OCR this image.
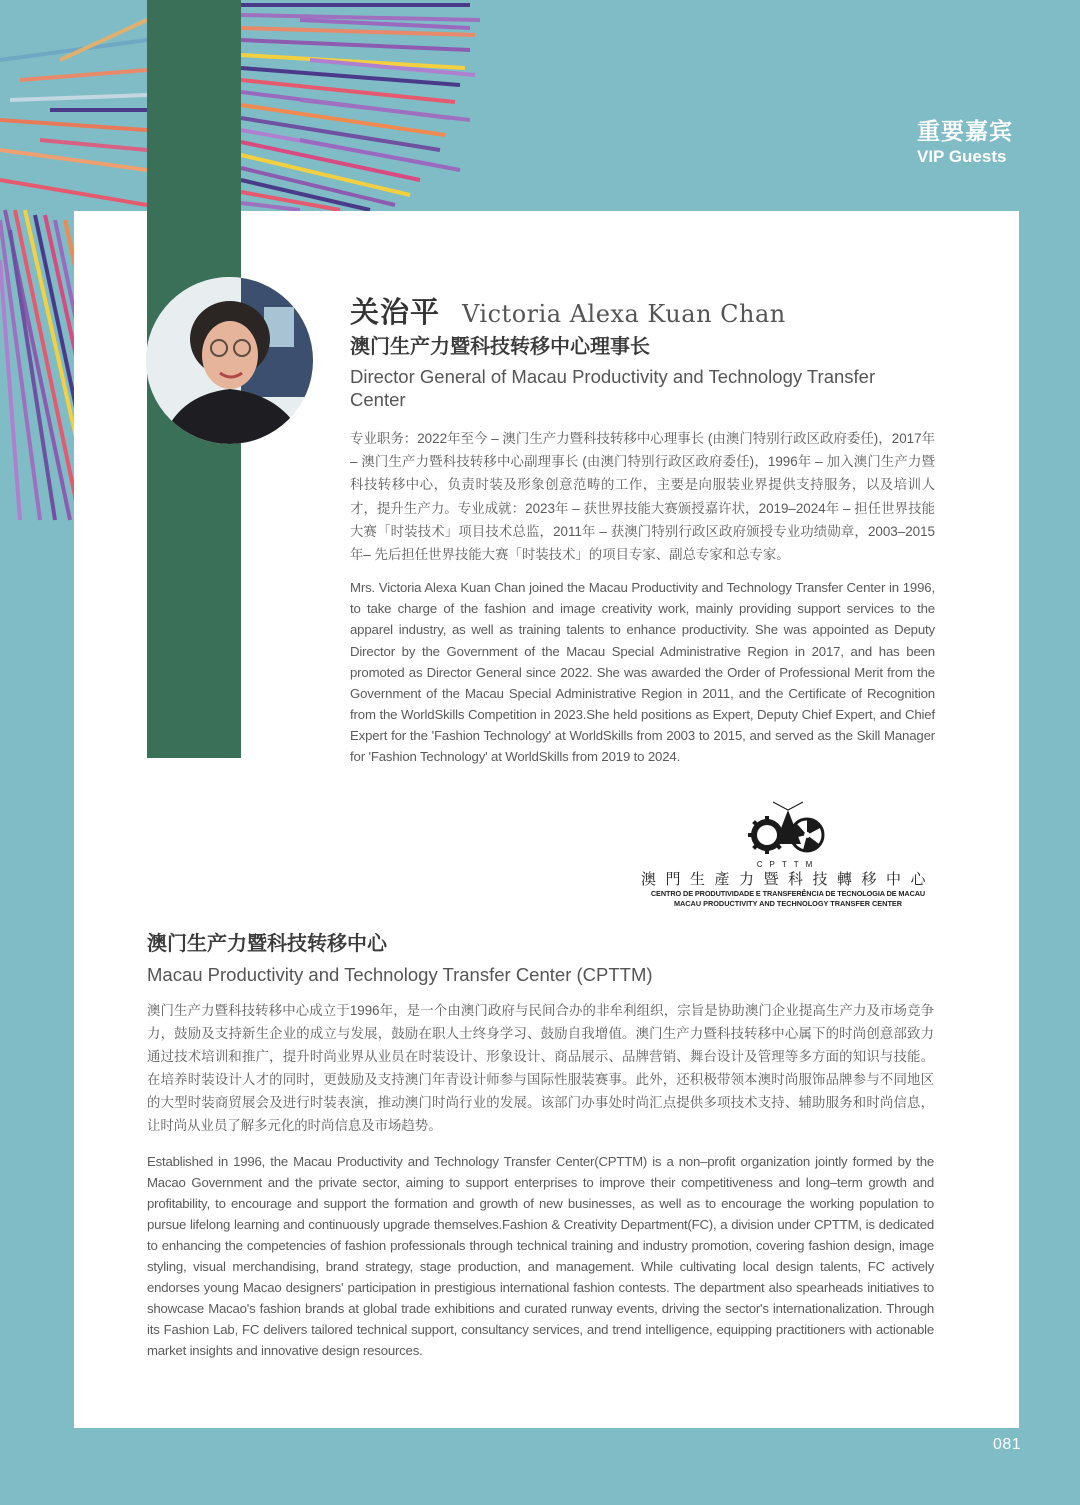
重要嘉宾
VIP Guests
关治平 Victoria Alexa Kuan Chan
澳门生产力暨科技转移中心理事长
Director General of Macau Productivity and Technology Transfer Center
专业职务：2022年至今 – 澳门生产力暨科技转移中心理事长 (由澳门特别行政区政府委任)，2017年 – 澳门生产力暨科技转移中心副理事长 (由澳门特别行政区政府委任)，1996年 – 加入澳门生产力暨科技转移中心，负责时装及形象创意范畴的工作，主要是向服装业界提供支持服务，以及培训人才，提升生产力。专业成就：2023年 – 获世界技能大赛颁授嘉许状，2019–2024年 – 担任世界技能大赛「时装技术」项目技术总监，2011年 – 获澳门特别行政区政府颁授专业功绩勋章，2003–2015年– 先后担任世界技能大赛「时装技术」的项目专家、副总专家和总专家。
Mrs. Victoria Alexa Kuan Chan joined the Macau Productivity and Technology Transfer Center in 1996, to take charge of the fashion and image creativity work, mainly providing support services to the apparel industry, as well as training talents to enhance productivity. She was appointed as Deputy Director by the Government of the Macau Special Administrative Region in 2017, and has been promoted as Director General since 2022. She was awarded the Order of Professional Merit from the Government of the Macau Special Administrative Region in 2011, and the Certificate of Recognition from the WorldSkills Competition in 2023.She held positions as Expert, Deputy Chief Expert, and Chief Expert for the 'Fashion Technology' at WorldSkills from 2003 to 2015, and served as the Skill Manager for 'Fashion Technology' at WorldSkills from 2019 to 2024.
CPTTM
澳門生產力暨科技轉移中心
CENTRO DE PRODUTIVIDADE E TRANSFERÊNCIA DE TECNOLOGIA DE MACAU
MACAU PRODUCTIVITY AND TECHNOLOGY TRANSFER CENTER
澳门生产力暨科技转移中心
Macau Productivity and Technology Transfer Center (CPTTM)
澳门生产力暨科技转移中心成立于1996年，是一个由澳门政府与民间合办的非牟利组织，宗旨是协助澳门企业提高生产力及市场竞争力，鼓励及支持新生企业的成立与发展，鼓励在职人士终身学习、鼓励自我增值。澳门生产力暨科技转移中心属下的时尚创意部致力通过技术培训和推广，提升时尚业界从业员在时装设计、形象设计、商品展示、品牌营销、舞台设计及管理等多方面的知识与技能。在培养时装设计人才的同时，更鼓励及支持澳门年青设计师参与国际性服装赛事。此外，还积极带领本澳时尚服饰品牌参与不同地区的大型时装商贸展会及进行时装表演，推动澳门时尚行业的发展。该部门办事处时尚汇点提供多项技术支持、辅助服务和时尚信息，让时尚从业员了解多元化的时尚信息及市场趋势。
Established in 1996, the Macau Productivity and Technology Transfer Center(CPTTM) is a non–profit organization jointly formed by the Macao Government and the private sector, aiming to support enterprises to improve their competitiveness and long–term growth and profitability, to encourage and support the formation and growth of new businesses, as well as to encourage the working population to pursue lifelong learning and continuously upgrade themselves.Fashion & Creativity Department(FC), a division under CPTTM, is dedicated to enhancing the competencies of fashion professionals through technical training and industry promotion, covering fashion design, image styling, visual merchandising, brand strategy, stage production, and management. While cultivating local design talents, FC actively endorses young Macao designers' participation in prestigious international fashion contests. The department also spearheads initiatives to showcase Macao's fashion brands at global trade exhibitions and curated runway events, driving the sector's internationalization. Through its Fashion Lab, FC delivers tailored technical support, consultancy services, and trend intelligence, equipping practitioners with actionable market insights and innovative design resources.
081
